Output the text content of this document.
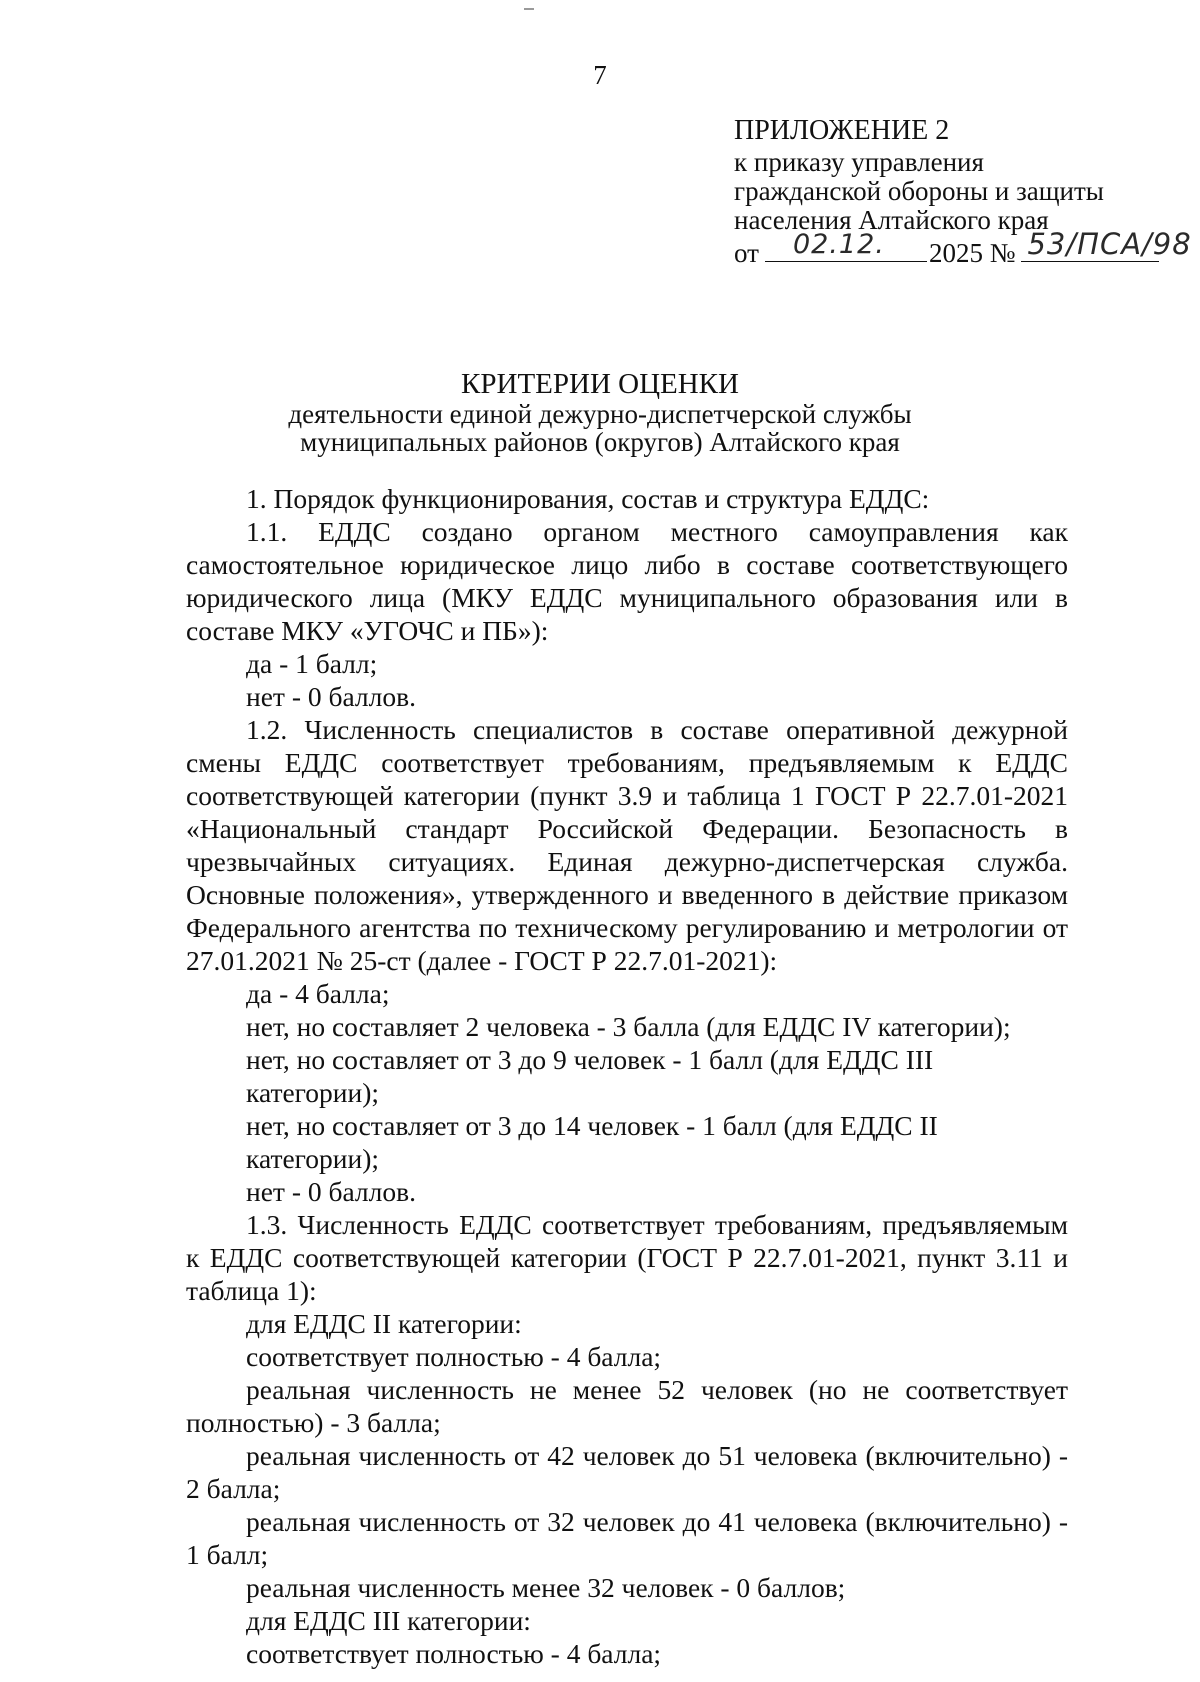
7
ПРИЛОЖЕНИЕ 2
к приказу управления
гражданской обороны и защиты
населения Алтайского края
от 02.12. 2025 № 53/ПСА/98
КРИТЕРИИ ОЦЕНКИ
деятельности единой дежурно-диспетчерской службы
муниципальных районов (округов) Алтайского края

1. Порядок функционирования, состав и структура ЕДДС:

1.1. ЕДДС создано органом местного самоуправления как самостоятельное юридическое лицо либо в составе соответствующего юридического лица (МКУ ЕДДС муниципального образования или в составе МКУ «УГОЧС и ПБ»):

да - 1 балл;

нет - 0 баллов.

1.2. Численность специалистов в составе оперативной дежурной смены ЕДДС соответствует требованиям, предъявляемым к ЕДДС соответствующей категории (пункт 3.9 и таблица 1 ГОСТ Р 22.7.01-2021 «Национальный стандарт Российской Федерации. Безопасность в чрезвычайных ситуациях. Единая дежурно-диспетчерская служба. Основные положения», утвержденного и введенного в действие приказом Федерального агентства по техническому регулированию и метрологии от 27.01.2021 № 25-ст (далее - ГОСТ Р 22.7.01-2021):

да - 4 балла;

нет, но составляет 2 человека - 3 балла (для ЕДДС IV категории);

нет, но составляет от 3 до 9 человек - 1 балл (для ЕДДС III категории);

нет, но составляет от 3 до 14 человек - 1 балл (для ЕДДС II категории);

нет - 0 баллов.

1.3. Численность ЕДДС соответствует требованиям, предъявляемым к ЕДДС соответствующей категории (ГОСТ Р 22.7.01-2021, пункт 3.11 и таблица 1):

для ЕДДС II категории:

соответствует полностью - 4 балла;

реальная численность не менее 52 человек (но не соответствует полностью) - 3 балла;

реальная численность от 42 человек до 51 человека (включительно) - 2 балла;

реальная численность от 32 человек до 41 человека (включительно) - 1 балл;

реальная численность менее 32 человек - 0 баллов;

для ЕДДС III категории:

соответствует полностью - 4 балла;
